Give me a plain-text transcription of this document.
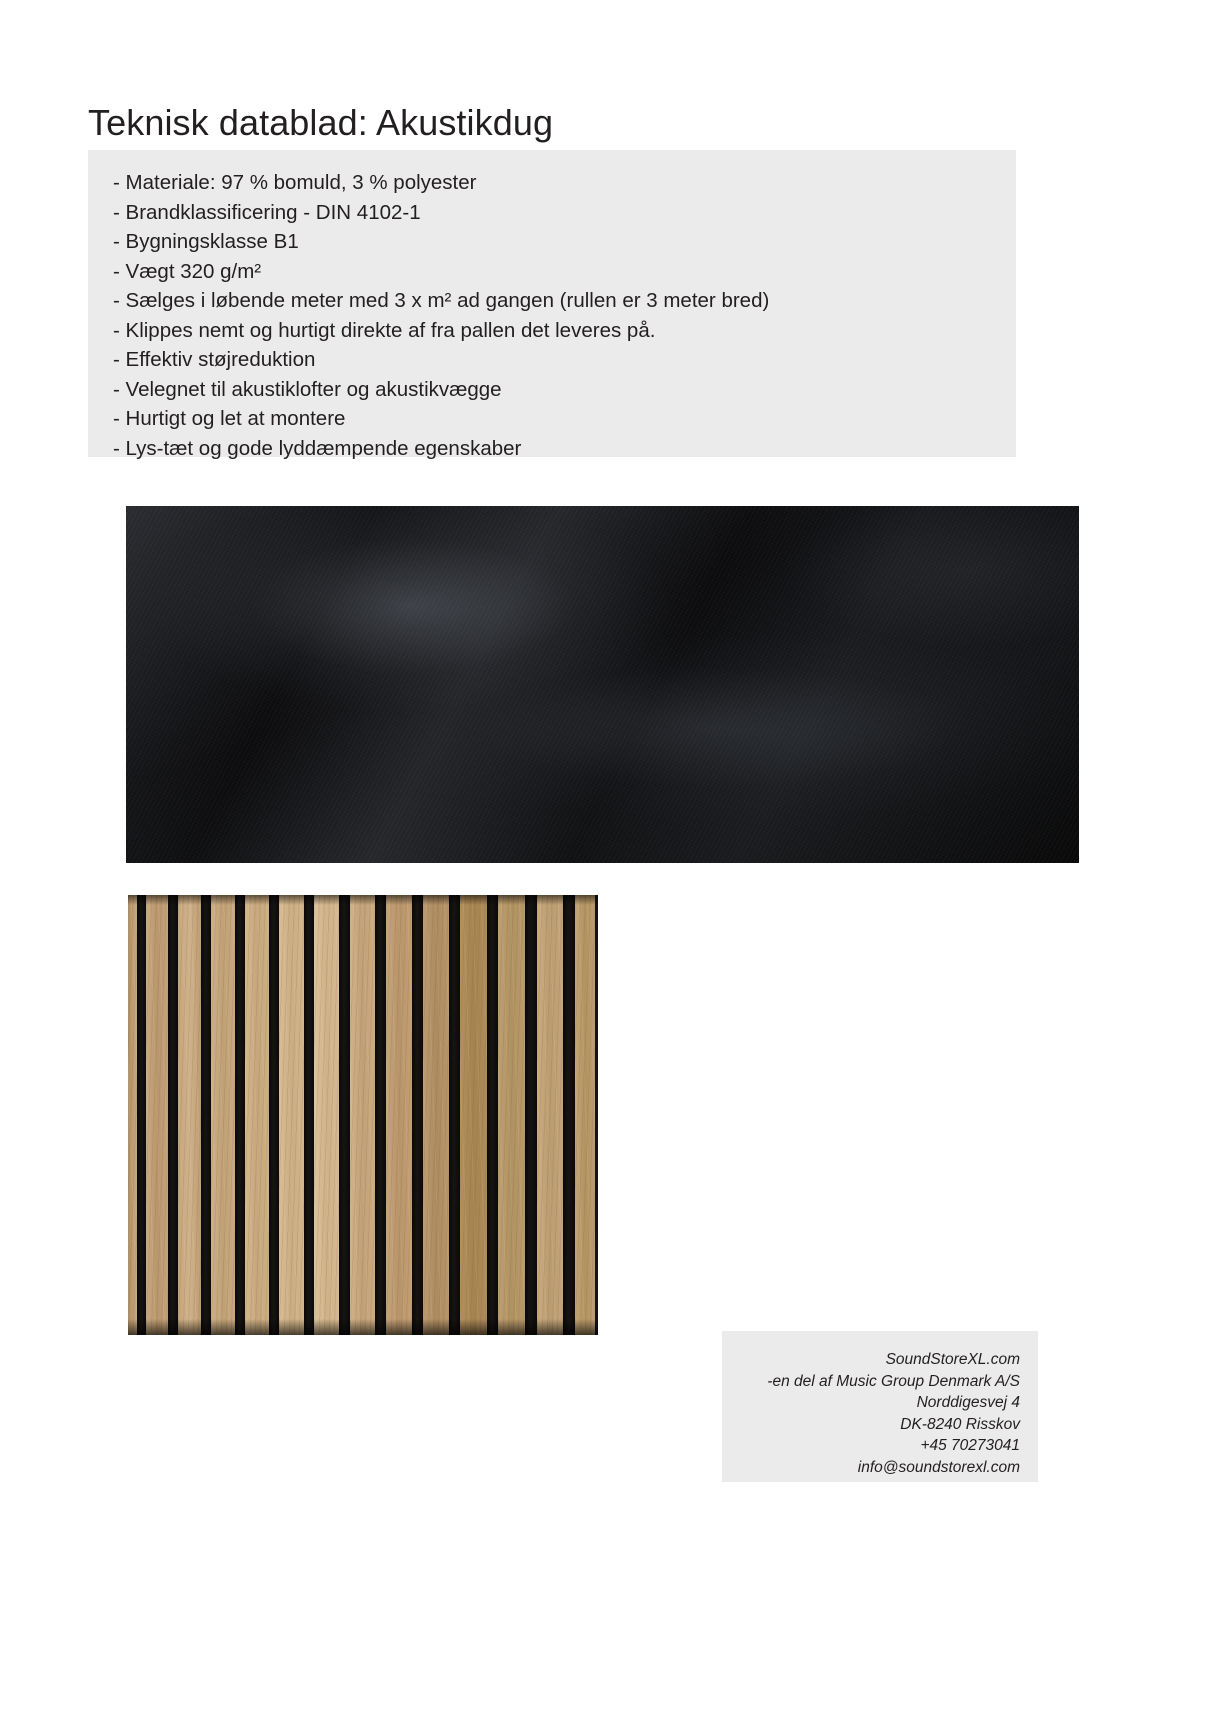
Teknisk datablad: Akustikdug
- Materiale: 97 % bomuld, 3 % polyester
- Brandklassificering - DIN 4102-1
- Bygningsklasse B1
- Vægt 320 g/m²
- Sælges i løbende meter med 3 x m² ad gangen (rullen er 3 meter bred)
- Klippes nemt og hurtigt direkte af fra pallen det leveres på.
- Effektiv støjreduktion
- Velegnet til akustiklofter og akustikvægge
- Hurtigt og let at montere
- Lys-tæt og gode lyddæmpende egenskaber
SoundStoreXL.com
-en del af Music Group Denmark A/S
Norddigesvej 4
DK-8240 Risskov
+45 70273041
info@soundstorexl.com
